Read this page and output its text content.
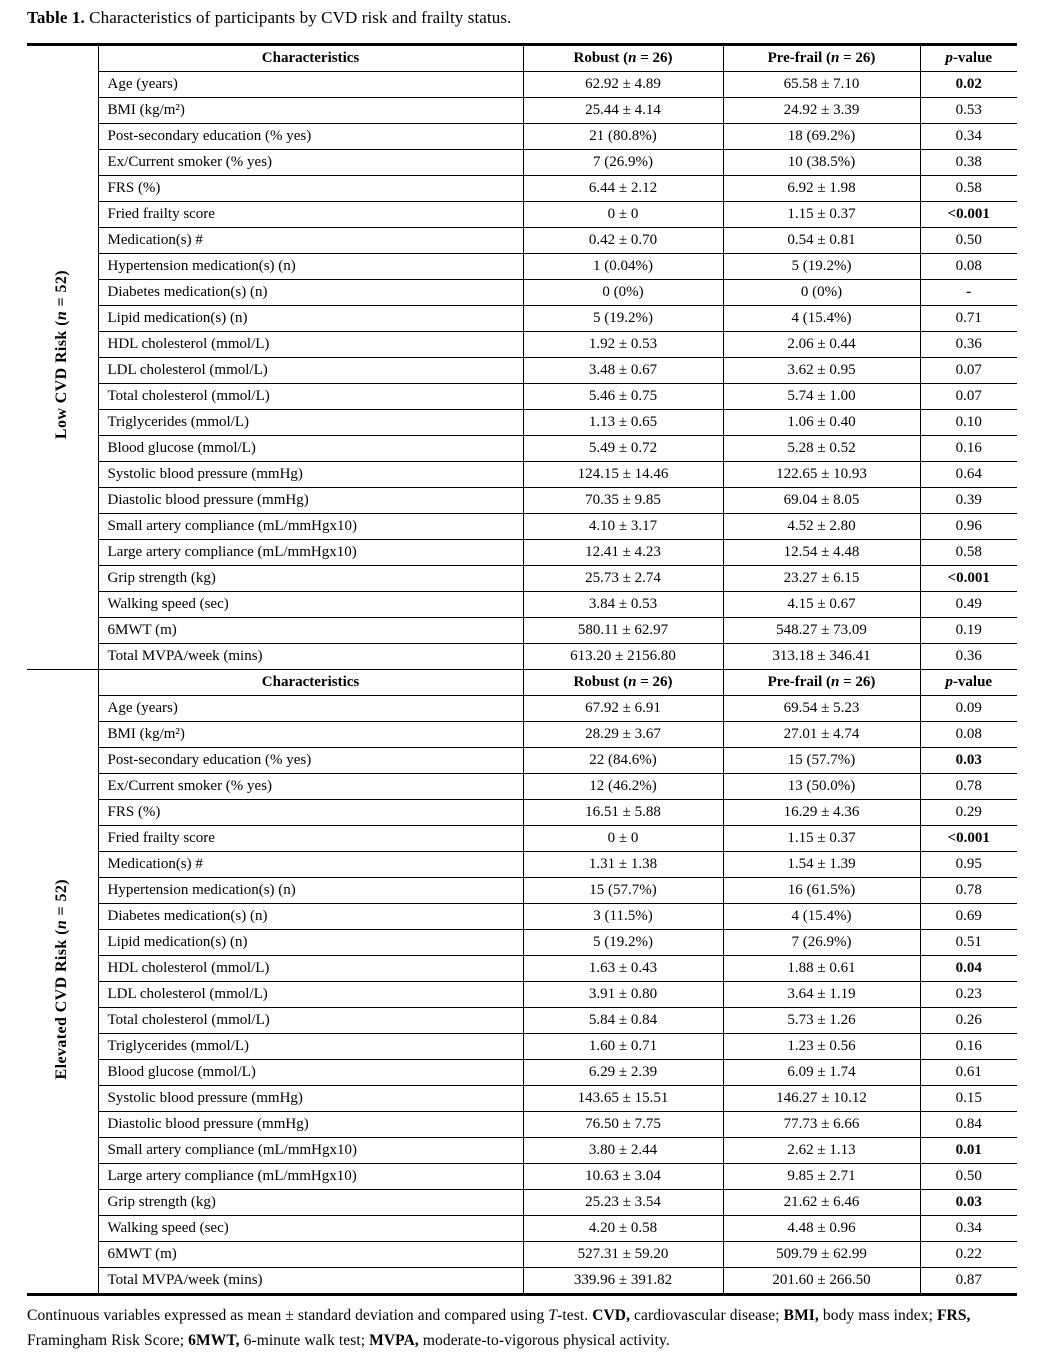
Table 1. Characteristics of participants by CVD risk and frailty status.
Low CVD Risk (n = 52)	Characteristics	Robust (n = 26)	Pre-frail (n = 26)	p-value
	Age (years)	62.92 ± 4.89	65.58 ± 7.10	0.02
	BMI (kg/m²)	25.44 ± 4.14	24.92 ± 3.39	0.53
	Post-secondary education (% yes)	21 (80.8%)	18 (69.2%)	0.34
	Ex/Current smoker (% yes)	7 (26.9%)	10 (38.5%)	0.38
	FRS (%)	6.44 ± 2.12	6.92 ± 1.98	0.58
	Fried frailty score	0 ± 0	1.15 ± 0.37	<0.001
	Medication(s) #	0.42 ± 0.70	0.54 ± 0.81	0.50
	Hypertension medication(s) (n)	1 (0.04%)	5 (19.2%)	0.08
	Diabetes medication(s) (n)	0 (0%)	0 (0%)	-
	Lipid medication(s) (n)	5 (19.2%)	4 (15.4%)	0.71
	HDL cholesterol (mmol/L)	1.92 ± 0.53	2.06 ± 0.44	0.36
	LDL cholesterol (mmol/L)	3.48 ± 0.67	3.62 ± 0.95	0.07
	Total cholesterol (mmol/L)	5.46 ± 0.75	5.74 ± 1.00	0.07
	Triglycerides (mmol/L)	1.13 ± 0.65	1.06 ± 0.40	0.10
	Blood glucose (mmol/L)	5.49 ± 0.72	5.28 ± 0.52	0.16
	Systolic blood pressure (mmHg)	124.15 ± 14.46	122.65 ± 10.93	0.64
	Diastolic blood pressure (mmHg)	70.35 ± 9.85	69.04 ± 8.05	0.39
	Small artery compliance (mL/mmHgx10)	4.10 ± 3.17	4.52 ± 2.80	0.96
	Large artery compliance (mL/mmHgx10)	12.41 ± 4.23	12.54 ± 4.48	0.58
	Grip strength (kg)	25.73 ± 2.74	23.27 ± 6.15	<0.001
	Walking speed (sec)	3.84 ± 0.53	4.15 ± 0.67	0.49
	6MWT (m)	580.11 ± 62.97	548.27 ± 73.09	0.19
	Total MVPA/week (mins)	613.20 ± 2156.80	313.18 ± 346.41	0.36
Elevated CVD Risk (n = 52)	Characteristics	Robust (n = 26)	Pre-frail (n = 26)	p-value
	Age (years)	67.92 ± 6.91	69.54 ± 5.23	0.09
	BMI (kg/m²)	28.29 ± 3.67	27.01 ± 4.74	0.08
	Post-secondary education (% yes)	22 (84.6%)	15 (57.7%)	0.03
	Ex/Current smoker (% yes)	12 (46.2%)	13 (50.0%)	0.78
	FRS (%)	16.51 ± 5.88	16.29 ± 4.36	0.29
	Fried frailty score	0 ± 0	1.15 ± 0.37	<0.001
	Medication(s) #	1.31 ± 1.38	1.54 ± 1.39	0.95
	Hypertension medication(s) (n)	15 (57.7%)	16 (61.5%)	0.78
	Diabetes medication(s) (n)	3 (11.5%)	4 (15.4%)	0.69
	Lipid medication(s) (n)	5 (19.2%)	7 (26.9%)	0.51
	HDL cholesterol (mmol/L)	1.63 ± 0.43	1.88 ± 0.61	0.04
	LDL cholesterol (mmol/L)	3.91 ± 0.80	3.64 ± 1.19	0.23
	Total cholesterol (mmol/L)	5.84 ± 0.84	5.73 ± 1.26	0.26
	Triglycerides (mmol/L)	1.60 ± 0.71	1.23 ± 0.56	0.16
	Blood glucose (mmol/L)	6.29 ± 2.39	6.09 ± 1.74	0.61
	Systolic blood pressure (mmHg)	143.65 ± 15.51	146.27 ± 10.12	0.15
	Diastolic blood pressure (mmHg)	76.50 ± 7.75	77.73 ± 6.66	0.84
	Small artery compliance (mL/mmHgx10)	3.80 ± 2.44	2.62 ± 1.13	0.01
	Large artery compliance (mL/mmHgx10)	10.63 ± 3.04	9.85 ± 2.71	0.50
	Grip strength (kg)	25.23 ± 3.54	21.62 ± 6.46	0.03
	Walking speed (sec)	4.20 ± 0.58	4.48 ± 0.96	0.34
	6MWT (m)	527.31 ± 59.20	509.79 ± 62.99	0.22
	Total MVPA/week (mins)	339.96 ± 391.82	201.60 ± 266.50	0.87
Continuous variables expressed as mean ± standard deviation and compared using T-test. CVD, cardiovascular disease; BMI, body mass index; FRS, Framingham Risk Score; 6MWT, 6-minute walk test; MVPA, moderate-to-vigorous physical activity.
